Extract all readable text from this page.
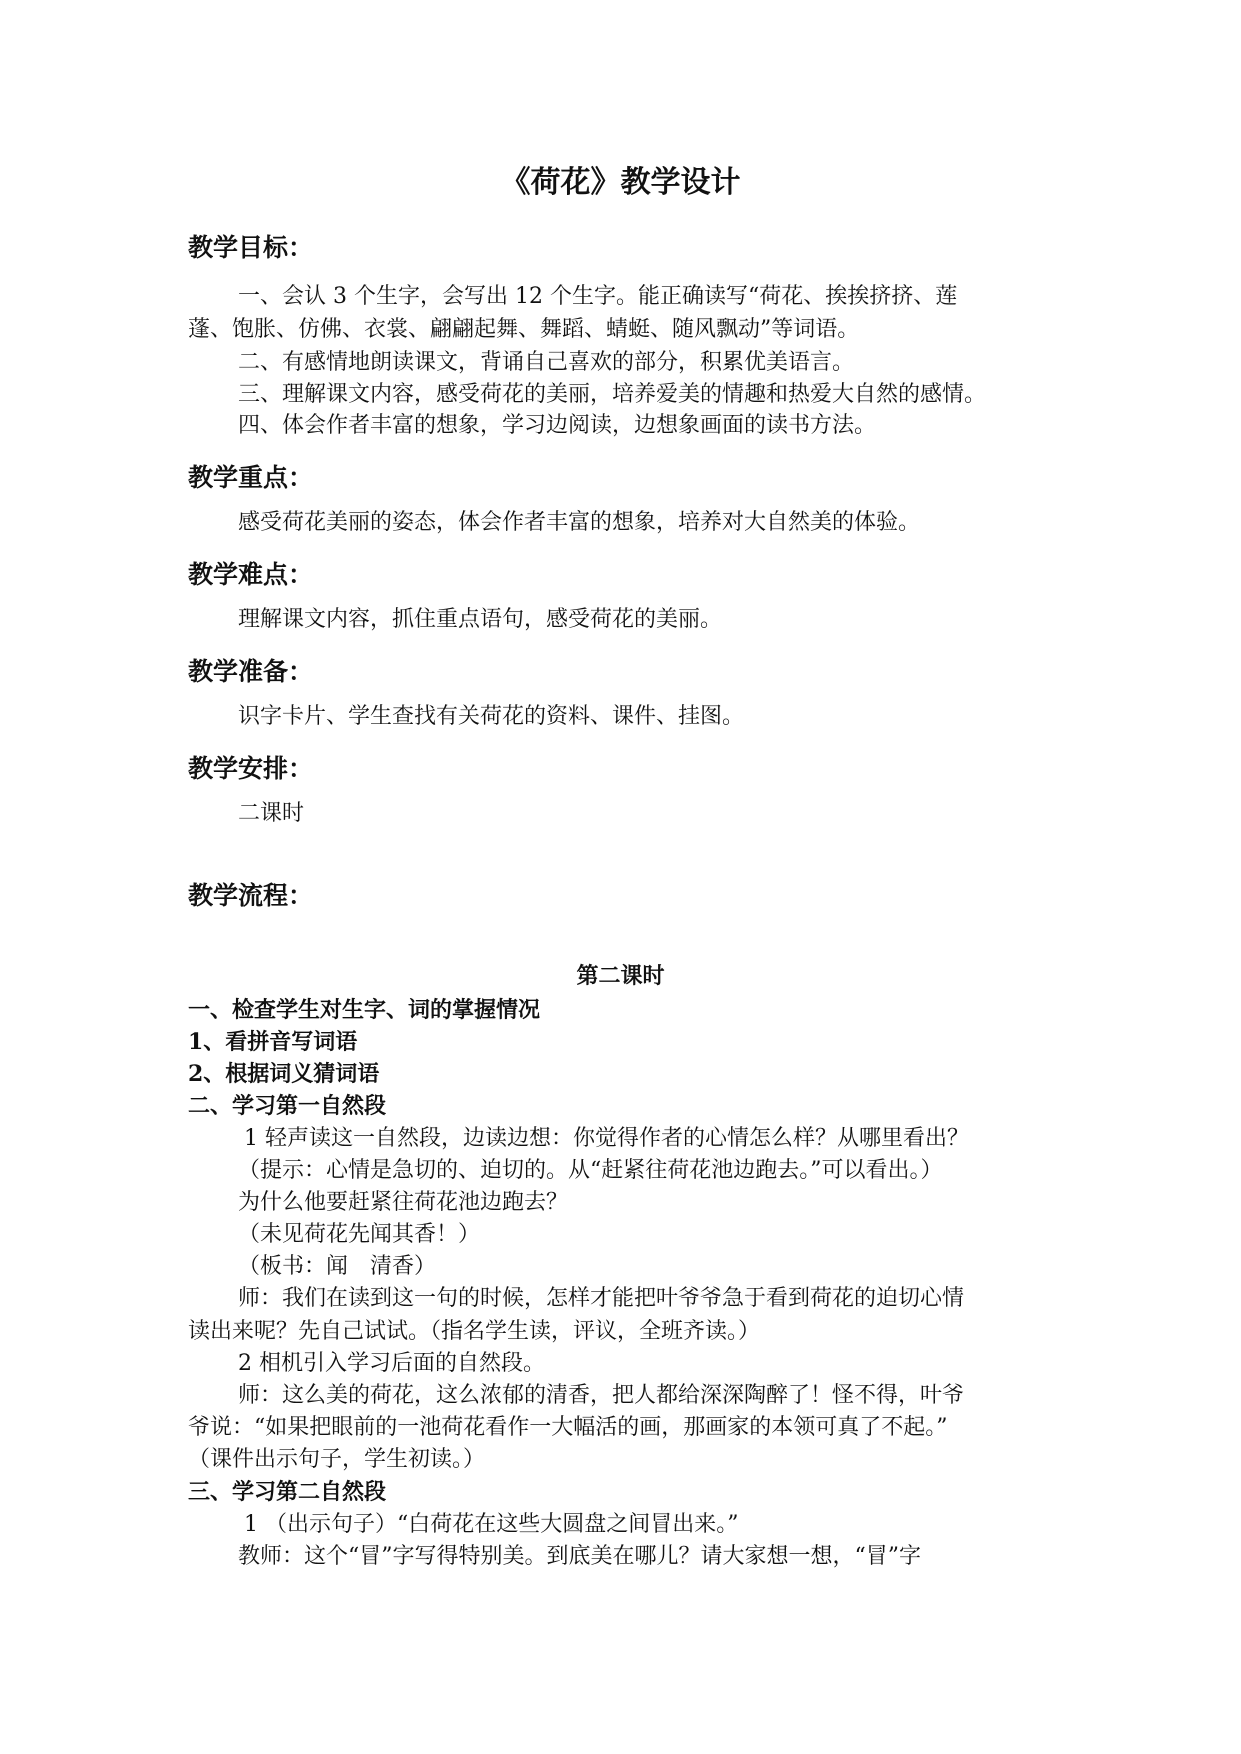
《荷花》教学设计
教学目标：
一、会认 3 个生字，会写出 12 个生字。能正确读写“荷花、挨挨挤挤、莲
蓬、饱胀、仿佛、衣裳、翩翩起舞、舞蹈、蜻蜓、随风飘动”等词语。
二、有感情地朗读课文，背诵自己喜欢的部分，积累优美语言。
三、理解课文内容，感受荷花的美丽，培养爱美的情趣和热爱大自然的感情。
四、体会作者丰富的想象，学习边阅读，边想象画面的读书方法。
教学重点：
感受荷花美丽的姿态，体会作者丰富的想象，培养对大自然美的体验。
教学难点：
理解课文内容，抓住重点语句，感受荷花的美丽。
教学准备：
识字卡片、学生查找有关荷花的资料、课件、挂图。
教学安排：
二课时
教学流程：
第二课时
一、检查学生对生字、词的掌握情况
1、看拼音写词语
2、根据词义猜词语
二、学习第一自然段
1 轻声读这一自然段，边读边想：你觉得作者的心情怎么样？从哪里看出？
（提示：心情是急切的、迫切的。从“赶紧往荷花池边跑去。”可以看出。）
为什么他要赶紧往荷花池边跑去？
（未见荷花先闻其香！）
（板书：闻　清香）
师：我们在读到这一句的时候，怎样才能把叶爷爷急于看到荷花的迫切心情
读出来呢？先自己试试。（指名学生读，评议，全班齐读。）
2 相机引入学习后面的自然段。
师：这么美的荷花，这么浓郁的清香，把人都给深深陶醉了！怪不得，叶爷
爷说：“如果把眼前的一池荷花看作一大幅活的画，那画家的本领可真了不起。”
（课件出示句子，学生初读。）
三、学习第二自然段
1 （出示句子）“白荷花在这些大圆盘之间冒出来。”
教师：这个“冒”字写得特别美。到底美在哪儿？请大家想一想，“冒”字
